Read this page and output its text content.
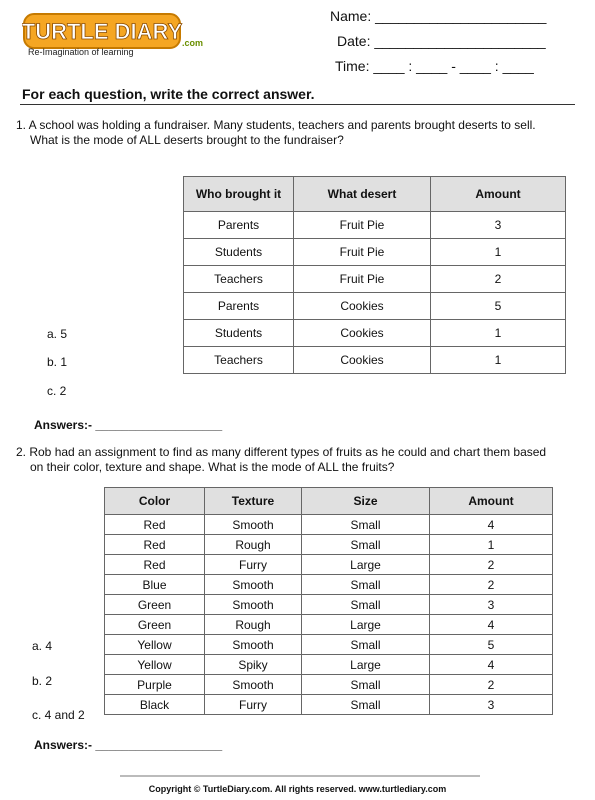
TURTLE DIARY .com
Re-Imagination of learning
Name: ______________________
Date: ______________________
Time: ____ : ____ - ____ : ____
For each question, write the correct answer.
1. A school was holding a fundraiser. Many students, teachers and parents brought deserts to sell.
What is the mode of ALL deserts brought to the fundraiser?
Who brought it	What desert	Amount
Parents	Fruit Pie	3
Students	Fruit Pie	1
Teachers	Fruit Pie	2
Parents	Cookies	5
Students	Cookies	1
Teachers	Cookies	1
a. 5
b. 1
c. 2
Answers:- ___________________
2. Rob had an assignment to find as many different types of fruits as he could and chart them based
on their color, texture and shape. What is the mode of ALL the fruits?
Color	Texture	Size	Amount
Red	Smooth	Small	4
Red	Rough	Small	1
Red	Furry	Large	2
Blue	Smooth	Small	2
Green	Smooth	Small	3
Green	Rough	Large	4
Yellow	Smooth	Small	5
Yellow	Spiky	Large	4
Purple	Smooth	Small	2
Black	Furry	Small	3
a. 4
b. 2
c. 4 and 2
Answers:- ___________________
Copyright © TurtleDiary.com. All rights reserved. www.turtlediary.com
